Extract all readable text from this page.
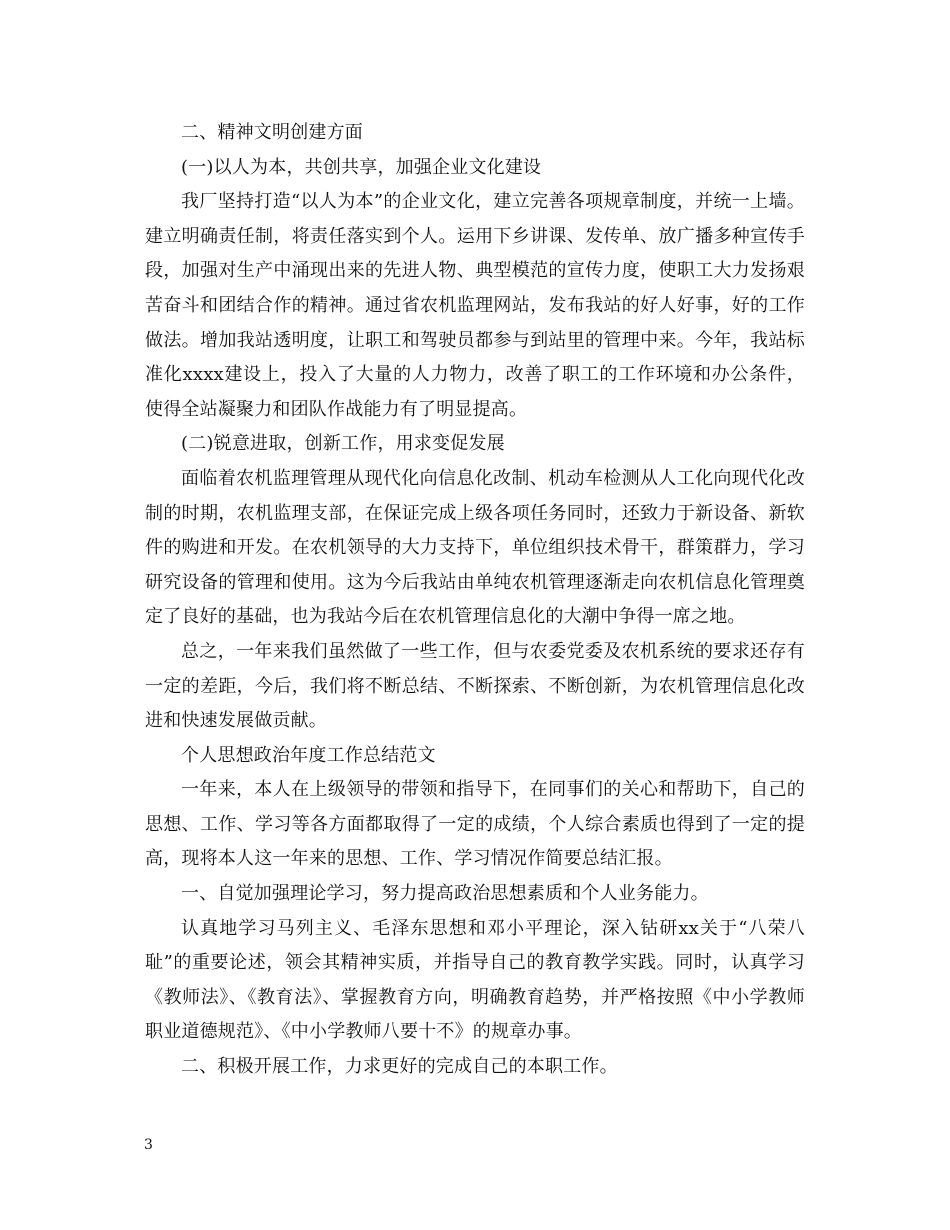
二、精神文明创建方面

(一)以人为本，共创共享，加强企业文化建设

我厂坚持打造“以人为本”的企业文化，建立完善各项规章制度，并统一上墙。建立明确责任制，将责任落实到个人。运用下乡讲课、发传单、放广播多种宣传手段，加强对生产中涌现出来的先进人物、典型模范的宣传力度，使职工大力发扬艰苦奋斗和团结合作的精神。通过省农机监理网站，发布我站的好人好事，好的工作做法。增加我站透明度，让职工和驾驶员都参与到站里的管理中来。今年，我站标准化xxxx建设上，投入了大量的人力物力，改善了职工的工作环境和办公条件，使得全站凝聚力和团队作战能力有了明显提高。

(二)锐意进取，创新工作，用求变促发展

面临着农机监理管理从现代化向信息化改制、机动车检测从人工化向现代化改制的时期，农机监理支部，在保证完成上级各项任务同时，还致力于新设备、新软件的购进和开发。在农机领导的大力支持下，单位组织技术骨干，群策群力，学习研究设备的管理和使用。这为今后我站由单纯农机管理逐渐走向农机信息化管理奠定了良好的基础，也为我站今后在农机管理信息化的大潮中争得一席之地。

总之，一年来我们虽然做了一些工作，但与农委党委及农机系统的要求还存有一定的差距，今后，我们将不断总结、不断探索、不断创新，为农机管理信息化改进和快速发展做贡献。

个人思想政治年度工作总结范文

一年来，本人在上级领导的带领和指导下，在同事们的关心和帮助下，自己的思想、工作、学习等各方面都取得了一定的成绩，个人综合素质也得到了一定的提高，现将本人这一年来的思想、工作、学习情况作简要总结汇报。

一、自觉加强理论学习，努力提高政治思想素质和个人业务能力。

认真地学习马列主义、毛泽东思想和邓小平理论，深入钻研xx关于“八荣八耻”的重要论述，领会其精神实质，并指导自己的教育教学实践。同时，认真学习《教师法》、《教育法》、掌握教育方向，明确教育趋势，并严格按照《中小学教师职业道德规范》、《中小学教师八要十不》的规章办事。

二、积极开展工作，力求更好的完成自己的本职工作。

3
